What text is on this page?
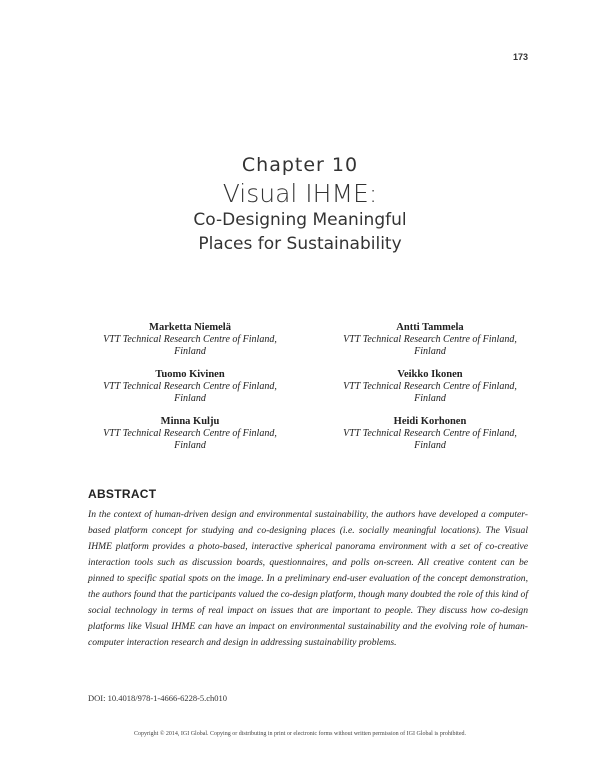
173
Chapter 10
Visual IHME:
Co-Designing Meaningful
Places for Sustainability
Marketta Niemelä
VTT Technical Research Centre of Finland,
Finland
Antti Tammela
VTT Technical Research Centre of Finland,
Finland
Tuomo Kivinen
VTT Technical Research Centre of Finland,
Finland
Veikko Ikonen
VTT Technical Research Centre of Finland,
Finland
Minna Kulju
VTT Technical Research Centre of Finland,
Finland
Heidi Korhonen
VTT Technical Research Centre of Finland,
Finland
ABSTRACT

In the context of human-driven design and environmental sustainability, the authors have developed a computer-based platform concept for studying and co-designing places (i.e. socially meaningful locations). The Visual IHME platform provides a photo-based, interactive spherical panorama environment with a set of co-creative interaction tools such as discussion boards, questionnaires, and polls on-screen. All creative content can be pinned to specific spatial spots on the image. In a preliminary end-user evaluation of the concept demonstration, the authors found that the participants valued the co-design platform, though many doubted the role of this kind of social technology in terms of real impact on issues that are important to people. They discuss how co-design platforms like Visual IHME can have an impact on environmental sustainability and the evolving role of human-computer interaction research and design in addressing sustainability problems.

DOI: 10.4018/978-1-4666-6228-5.ch010
Copyright © 2014, IGI Global. Copying or distributing in print or electronic forms without written permission of IGI Global is prohibited.
